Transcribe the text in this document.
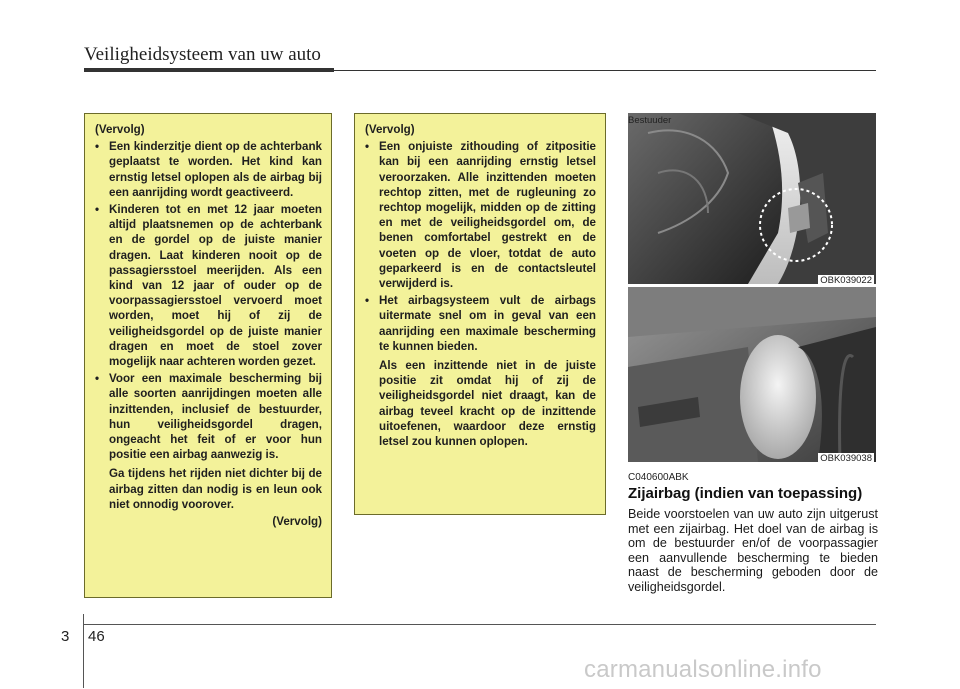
Veiligheidsysteem van uw auto
(Vervolg)
• Een kinderzitje dient op de achterbank geplaatst te worden. Het kind kan ernstig letsel oplopen als de airbag bij een aanrijding wordt geactiveerd.
• Kinderen tot en met 12 jaar moeten altijd plaatsnemen op de achterbank en de gordel op de juiste manier dragen. Laat kinderen nooit op de passagiersstoel meerijden. Als een kind van 12 jaar of ouder op de voorpassagiersstoel vervoerd moet worden, moet hij of zij de veiligheidsgordel op de juiste manier dragen en moet de stoel zover mogelijk naar achteren worden gezet.
• Voor een maximale bescherming bij alle soorten aanrijdingen moeten alle inzittenden, inclusief de bestuurder, hun veiligheidsgordel dragen, ongeacht het feit of er voor hun positie een airbag aanwezig is.
Ga tijdens het rijden niet dichter bij de airbag zitten dan nodig is en leun ook niet onnodig voorover.
(Vervolg)
(Vervolg)
• Een onjuiste zithouding of zitpositie kan bij een aanrijding ernstig letsel veroorzaken. Alle inzittenden moeten rechtop zitten, met de rugleuning zo rechtop mogelijk, midden op de zitting en met de veiligheidsgordel om, de benen comfortabel gestrekt en de voeten op de vloer, totdat de auto geparkeerd is en de contactsleutel verwijderd is.
• Het airbagsysteem vult de airbags uitermate snel om in geval van een aanrijding een maximale bescherming te kunnen bieden.
Als een inzittende niet in de juiste positie zit omdat hij of zij de veiligheidsgordel niet draagt, kan de airbag teveel kracht op de inzittende uitoefenen, waardoor deze ernstig letsel zou kunnen oplopen.
Bestuuder
OBK039022
OBK039038
C040600ABK
Zijairbag (indien van toepassing)
Beide voorstoelen van uw auto zijn uitgerust met een zijairbag. Het doel van de airbag is om de bestuurder en/of de voorpassagier een aanvullende bescherming te bieden naast de bescherming geboden door de veiligheidsgordel.
3 46
carmanualsonline.info
